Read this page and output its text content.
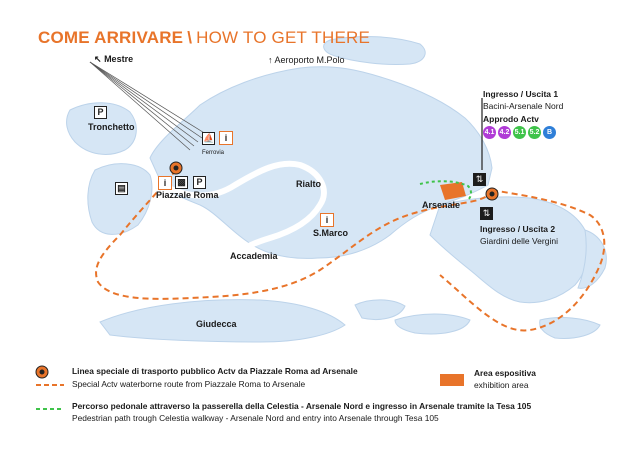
COME ARRIVARE \ HOW TO GET THERE
↖ Mestre	↑ Aeroporto M.Polo
Tronchetto
Ferrovia
Piazzale Roma
Rialto
S.Marco
Accademia
Giudecca
Arsenale
P
▤
⛵	i
i	▩	P
i
⇅
⇅
Ingresso / Uscita 1
Bacini-Arsenale Nord
Approdo Actv
4.1 4.2 5.1 5.2	B
Ingresso / Uscita 2
Giardini delle Vergini
Linea speciale di trasporto pubblico Actv da Piazzale Roma ad Arsenale
Special Actv waterborne route from Piazzale Roma to Arsenale
Area espositiva
exhibition area
Percorso pedonale attraverso la passerella della Celestia - Arsenale Nord e ingresso in Arsenale tramite la Tesa 105
Pedestrian path trough Celestia walkway - Arsenale Nord and entry into Arsenale through Tesa 105
